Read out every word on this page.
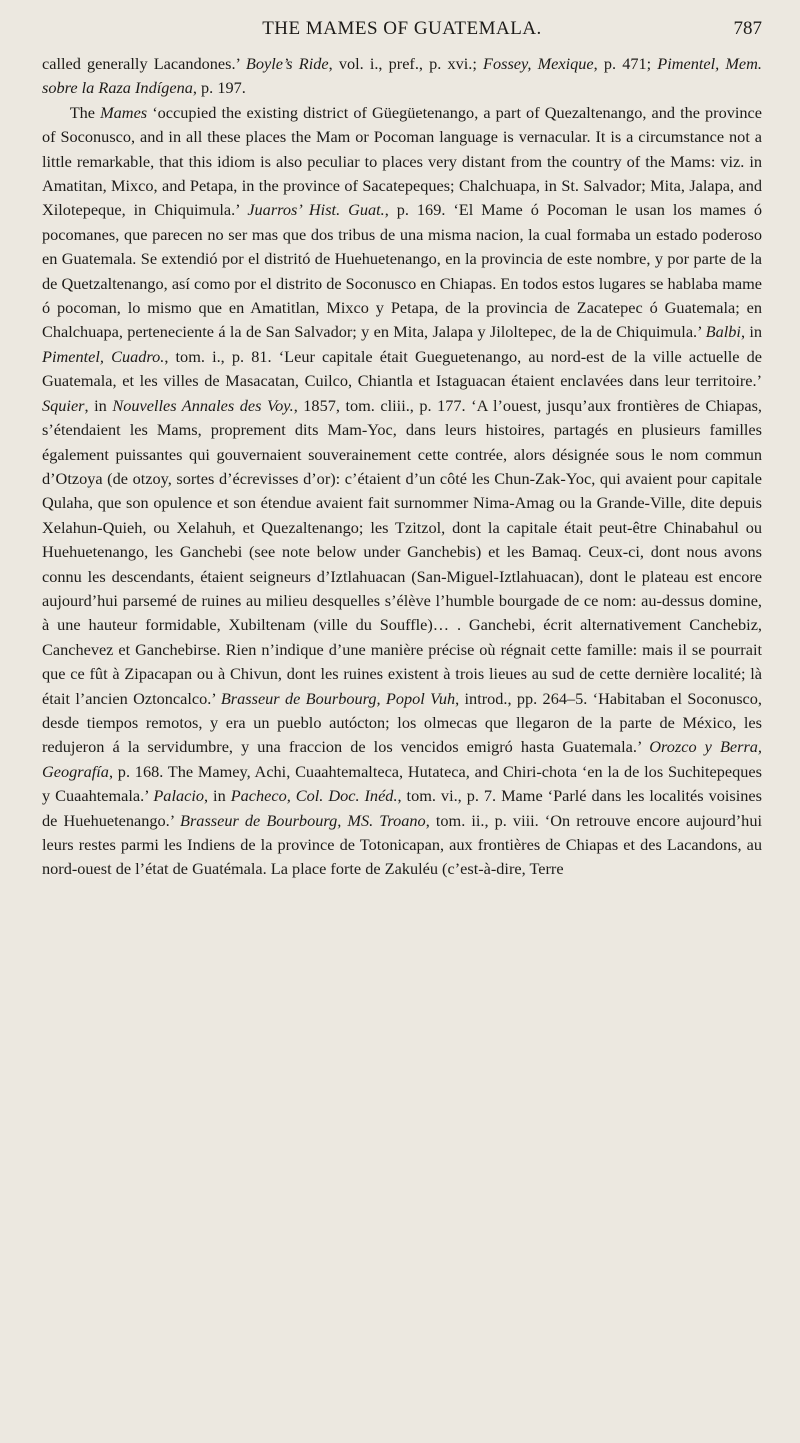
THE MAMES OF GUATEMALA.	787

called generally Lacandones.’ Boyle’s Ride, vol. i., pref., p. xvi.; Fossey, Mexique, p. 471; Pimentel, Mem. sobre la Raza Indígena, p. 197.

The Mames ‘occupied the existing district of Güegüetenango, a part of Quezaltenango, and the province of Soconusco, and in all these places the Mam or Pocoman language is vernacular. It is a circumstance not a little remarkable, that this idiom is also peculiar to places very distant from the country of the Mams: viz. in Amatitan, Mixco, and Petapa, in the province of Sacatepeques; Chalchuapa, in St. Salvador; Mita, Jalapa, and Xilotepeque, in Chiquimula.’ Juarros’ Hist. Guat., p. 169. ‘El Mame ó Pocoman le usan los mames ó pocomanes, que parecen no ser mas que dos tribus de una misma nacion, la cual formaba un estado poderoso en Guatemala. Se extendió por el distritó de Huehuetenango, en la provincia de este nombre, y por parte de la de Quetzaltenango, así como por el distrito de Soconusco en Chiapas. En todos estos lugares se hablaba mame ó pocoman, lo mismo que en Amatitlan, Mixco y Petapa, de la provincia de Zacatepec ó Guatemala; en Chalchuapa, perteneciente á la de San Salvador; y en Mita, Jalapa y Jiloltepec, de la de Chiquimula.’ Balbi, in Pimentel, Cuadro., tom. i., p. 81. ‘Leur capitale était Gueguetenango, au nord-est de la ville actuelle de Guatemala, et les villes de Masacatan, Cuilco, Chiantla et Istaguacan étaient enclavées dans leur territoire.’ Squier, in Nouvelles Annales des Voy., 1857, tom. cliii., p. 177. ‘A l’ouest, jusqu’aux frontières de Chiapas, s’étendaient les Mams, proprement dits Mam-Yoc, dans leurs histoires, partagés en plusieurs familles également puissantes qui gouvernaient souverainement cette contrée, alors désignée sous le nom commun d’Otzoya (de otzoy, sortes d’écrevisses d’or): c’étaient d’un côté les Chun-Zak-Yoc, qui avaient pour capitale Qulaha, que son opulence et son étendue avaient fait surnommer Nima-Amag ou la Grande-Ville, dite depuis Xelahun-Quieh, ou Xelahuh, et Quezaltenango; les Tzitzol, dont la capitale était peut-être Chinabahul ou Huehuetenango, les Ganchebi (see note below under Ganchebis) et les Bamaq. Ceux-ci, dont nous avons connu les descendants, étaient seigneurs d’Iztlahuacan (San-Miguel-Iztlahuacan), dont le plateau est encore aujourd’hui parsemé de ruines au milieu desquelles s’élève l’humble bourgade de ce nom: au-dessus domine, à une hauteur formidable, Xubiltenam (ville du Souffle)… . Ganchebi, écrit alternativement Canchebiz, Canchevez et Ganchebirse. Rien n’indique d’une manière précise où régnait cette famille: mais il se pourrait que ce fût à Zipacapan ou à Chivun, dont les ruines existent à trois lieues au sud de cette dernière localité; là était l’ancien Oztoncalco.’ Brasseur de Bourbourg, Popol Vuh, introd., pp. 264–5. ‘Habitaban el Soconusco, desde tiempos remotos, y era un pueblo autócton; los olmecas que llegaron de la parte de México, les redujeron á la servidumbre, y una fraccion de los vencidos emigró hasta Guatemala.’ Orozco y Berra, Geografía, p. 168. The Mamey, Achi, Cuaahtemalteca, Hutateca, and Chiri-chota ‘en la de los Suchitepeques y Cuaahtemala.’ Palacio, in Pacheco, Col. Doc. Inéd., tom. vi., p. 7. Mame ‘Parlé dans les localités voisines de Huehuetenango.’ Brasseur de Bourbourg, MS. Troano, tom. ii., p. viii. ‘On retrouve encore aujourd’hui leurs restes parmi les Indiens de la province de Totonicapan, aux frontières de Chiapas et des Lacandons, au nord-ouest de l’état de Guatémala. La place forte de Zakuléu (c’est-à-dire, Terre
